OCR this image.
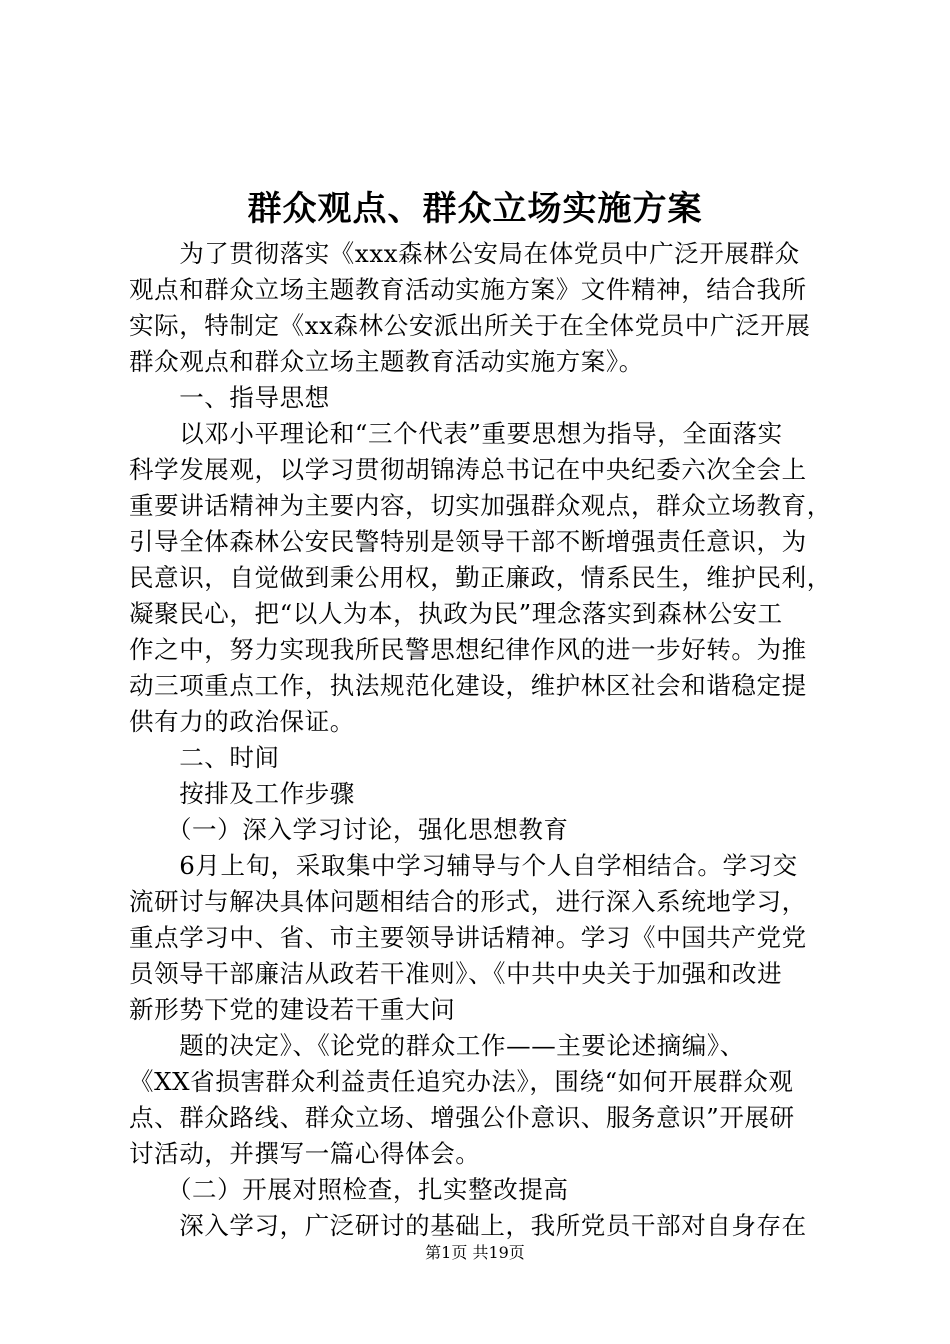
群众观点、群众立场实施方案
　　为了贯彻落实《xxx森林公安局在体党员中广泛开展群众
观点和群众立场主题教育活动实施方案》文件精神，结合我所
实际，特制定《xx森林公安派出所关于在全体党员中广泛开展
群众观点和群众立场主题教育活动实施方案》。
　　一、指导思想
　　以邓小平理论和“三个代表”重要思想为指导，全面落实
科学发展观，以学习贯彻胡锦涛总书记在中央纪委六次全会上
重要讲话精神为主要内容，切实加强群众观点，群众立场教育，
引导全体森林公安民警特别是领导干部不断增强责任意识，为
民意识，自觉做到秉公用权，勤正廉政，情系民生，维护民利，
凝聚民心，把“以人为本，执政为民”理念落实到森林公安工
作之中，努力实现我所民警思想纪律作风的进一步好转。为推
动三项重点工作，执法规范化建设，维护林区社会和谐稳定提
供有力的政治保证。
　　二、时间
　　按排及工作步骤
　　（一）深入学习讨论，强化思想教育
　　6月上旬，采取集中学习辅导与个人自学相结合。学习交
流研讨与解决具体问题相结合的形式，进行深入系统地学习，
重点学习中、省、市主要领导讲话精神。学习《中国共产党党
员领导干部廉洁从政若干准则》、《中共中央关于加强和改进
新形势下党的建设若干重大问
　　题的决定》、《论党的群众工作——主要论述摘编》、
《XX省损害群众利益责任追究办法》，围绕“如何开展群众观
点、群众路线、群众立场、增强公仆意识、服务意识”开展研
讨活动，并撰写一篇心得体会。
　　（二）开展对照检查，扎实整改提高
　　深入学习，广泛研讨的基础上，我所党员干部对自身存在
第1页 共19页
